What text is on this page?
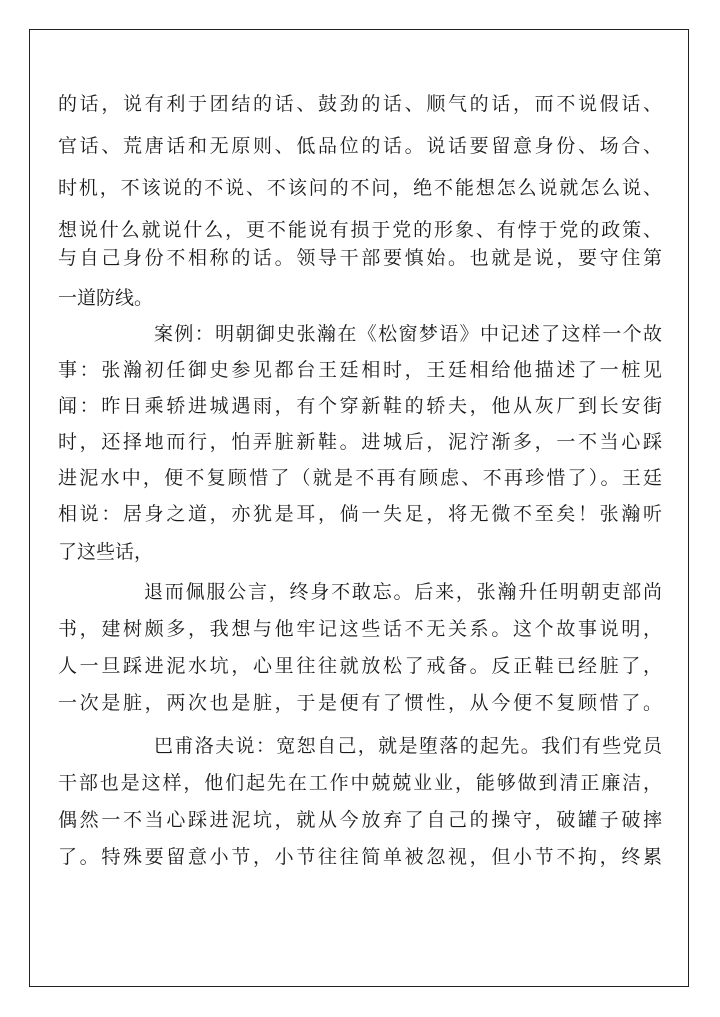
的话，说有利于团结的话、鼓劲的话、顺气的话，而不说假话、
官话、荒唐话和无原则、低品位的话。说话要留意身份、场合、
时机，不该说的不说、不该问的不问，绝不能想怎么说就怎么说、
想说什么就说什么，更不能说有损于党的形象、有悖于党的政策、
与自己身份不相称的话。领导干部要慎始。也就是说，要守住第
一道防线。
案例：明朝御史张瀚在《松窗梦语》中记述了这样一个故
事：张瀚初任御史参见都台王廷相时，王廷相给他描述了一桩见
闻：昨日乘轿进城遇雨，有个穿新鞋的轿夫，他从灰厂到长安街
时，还择地而行，怕弄脏新鞋。进城后，泥泞渐多，一不当心踩
进泥水中，便不复顾惜了（就是不再有顾虑、不再珍惜了）。王廷
相说：居身之道，亦犹是耳，倘一失足，将无微不至矣！张瀚听
了这些话，
退而佩服公言，终身不敢忘。后来，张瀚升任明朝吏部尚
书，建树颇多，我想与他牢记这些话不无关系。这个故事说明，
人一旦踩进泥水坑，心里往往就放松了戒备。反正鞋已经脏了，
一次是脏，两次也是脏，于是便有了惯性，从今便不复顾惜了。
巴甫洛夫说：宽恕自己，就是堕落的起先。我们有些党员
干部也是这样，他们起先在工作中兢兢业业，能够做到清正廉洁，
偶然一不当心踩进泥坑，就从今放弃了自己的操守，破罐子破摔
了。特殊要留意小节，小节往往简单被忽视，但小节不拘，终累
